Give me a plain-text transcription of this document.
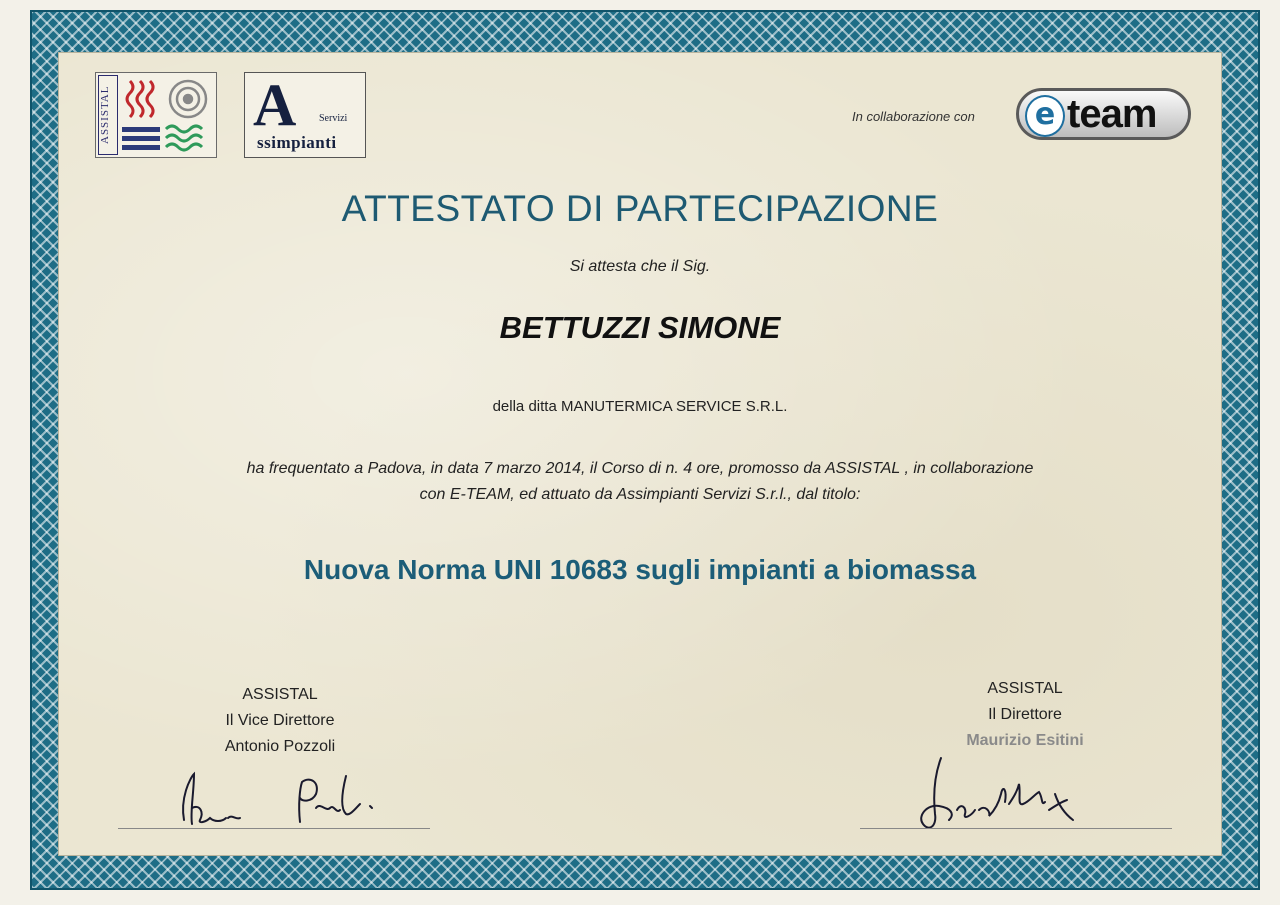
ASSISTAL A Servizi
ssimpianti
In collaborazione con	e team
ATTESTATO DI PARTECIPAZIONE
Si attesta che il Sig.
BETTUZZI SIMONE
della ditta MANUTERMICA SERVICE S.R.L.
ha frequentato a Padova, in data 7 marzo 2014, il Corso di n. 4 ore, promosso da ASSISTAL , in collaborazione
con E-TEAM, ed attuato da Assimpianti Servizi S.r.l., dal titolo:
Nuova Norma UNI 10683 sugli impianti a biomassa
ASSISTAL
Il Vice Direttore
Antonio Pozzoli
ASSISTAL
Il Direttore
Maurizio Esitini
